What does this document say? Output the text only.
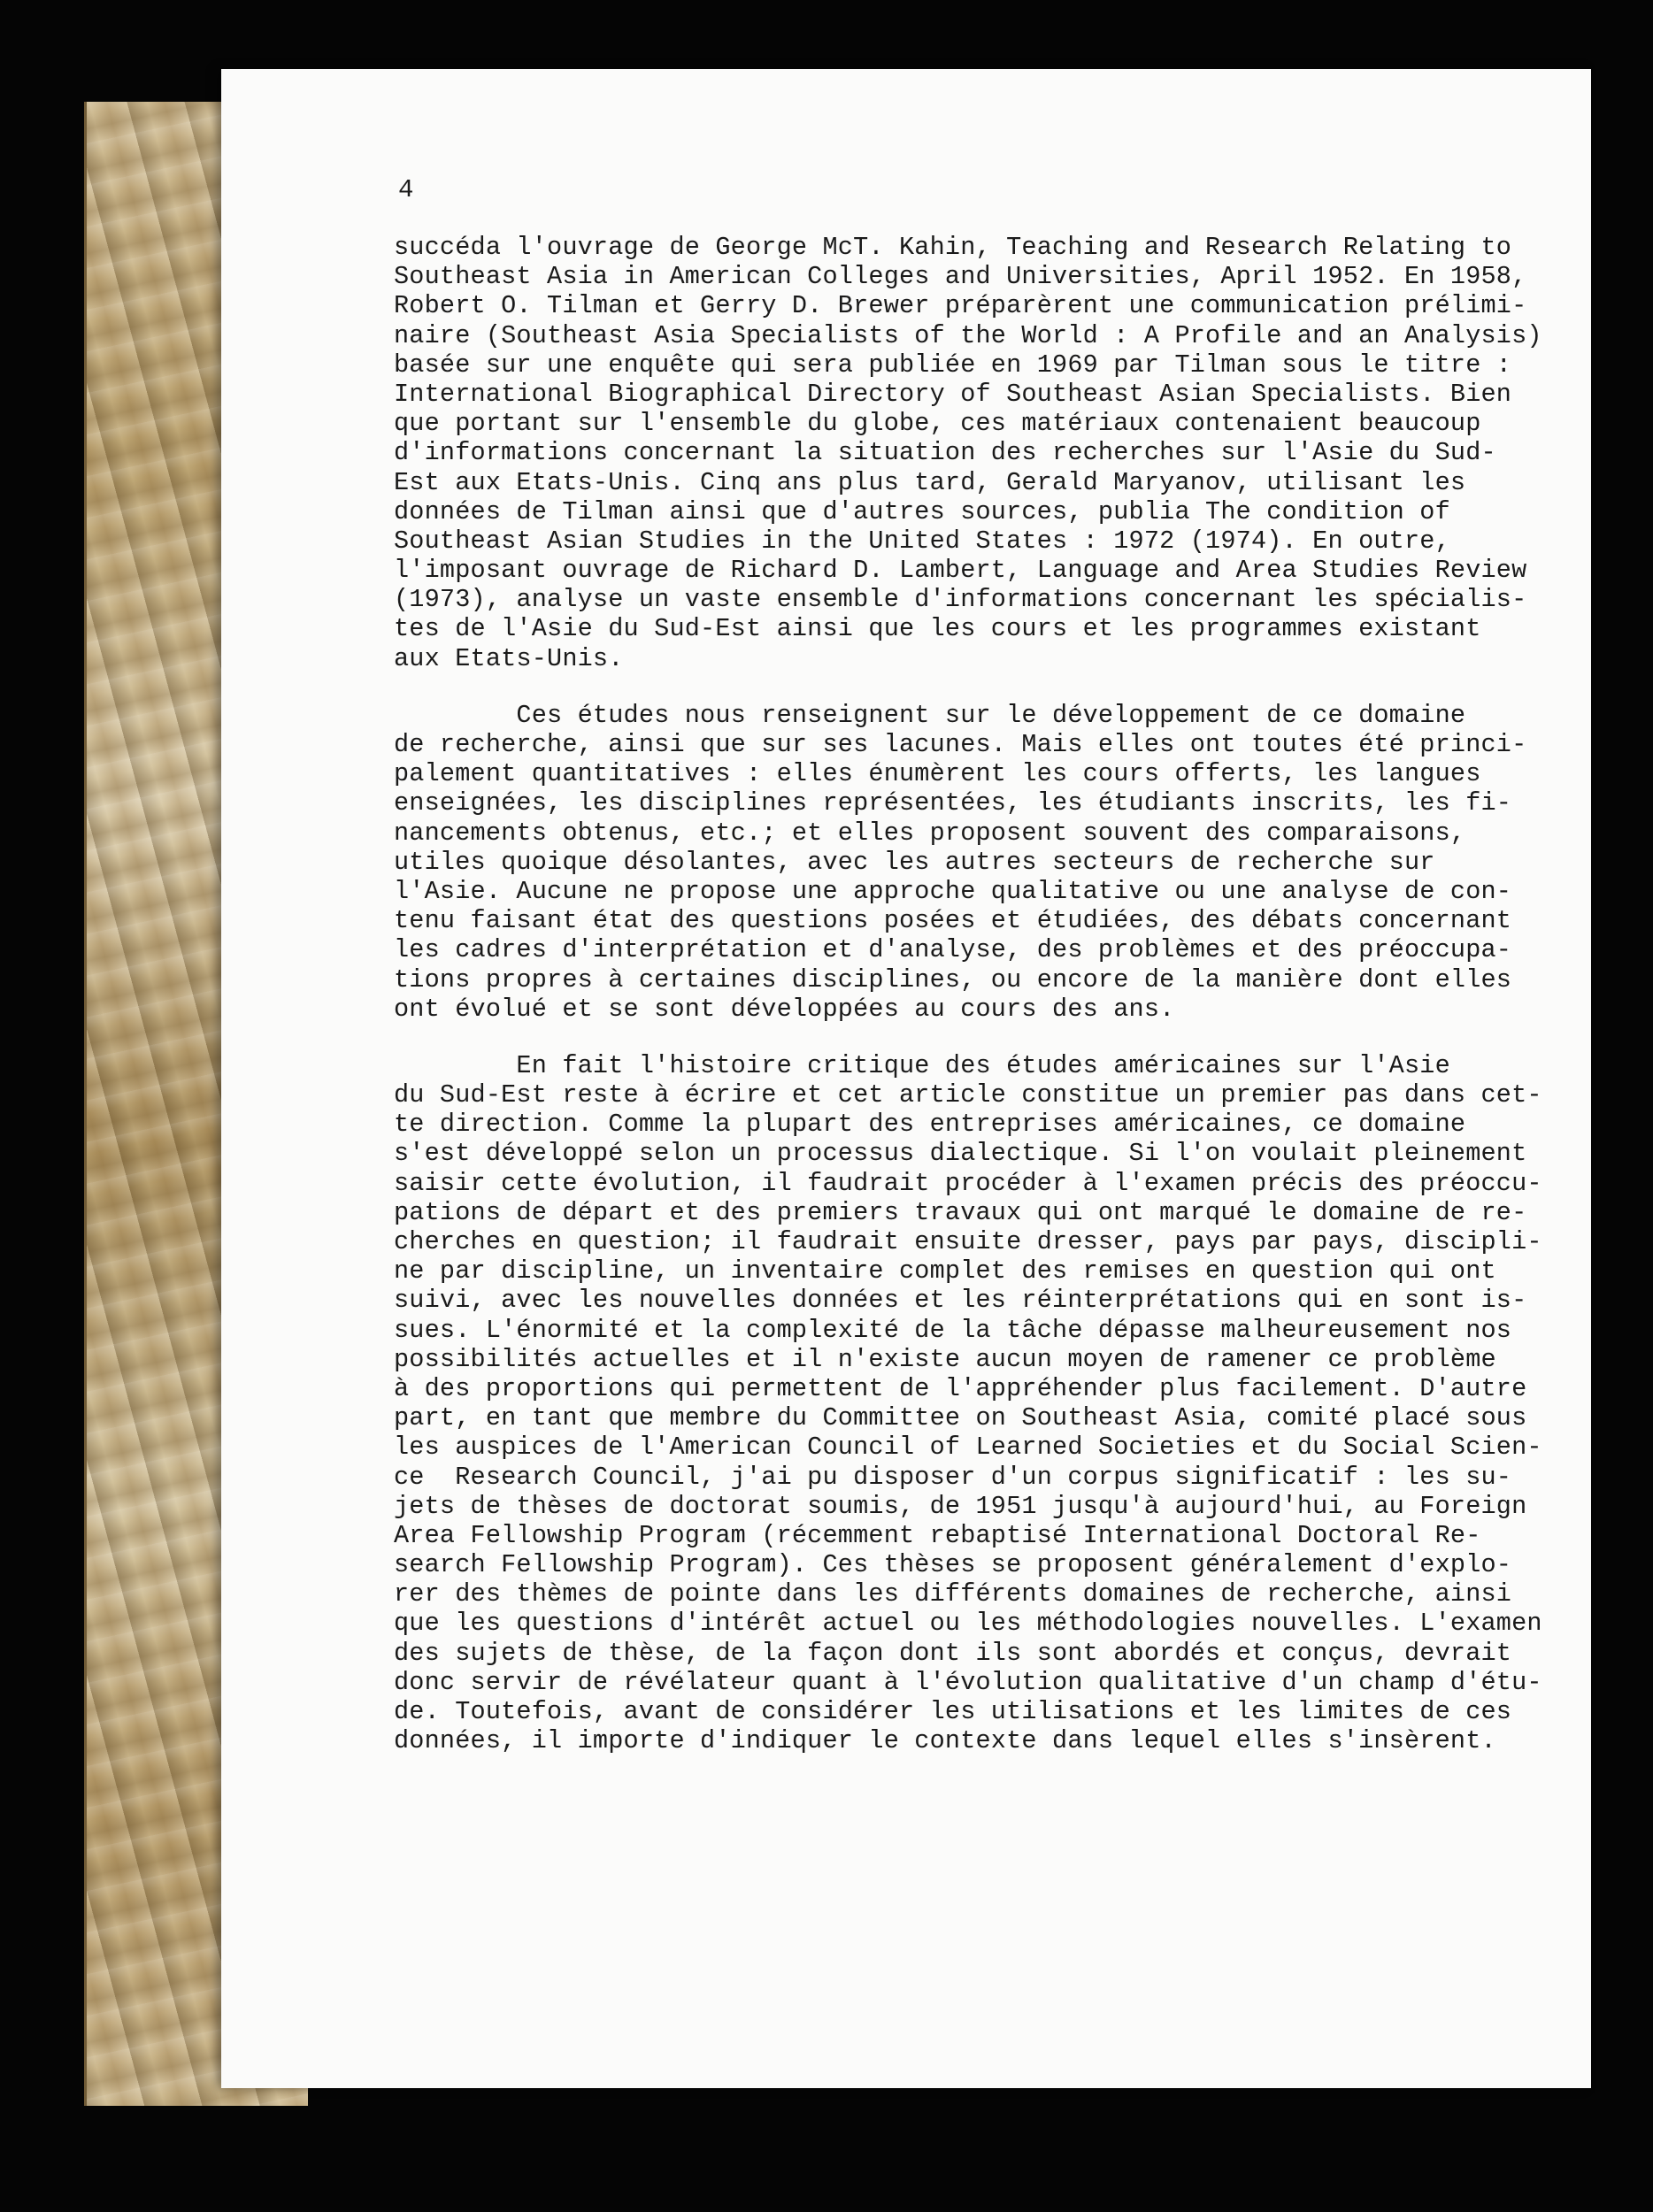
4
succéda l'ouvrage de George McT. Kahin, Teaching and Research Relating to
Southeast Asia in American Colleges and Universities, April 1952. En 1958,
Robert O. Tilman et Gerry D. Brewer préparèrent une communication prélimi-
naire (Southeast Asia Specialists of the World : A Profile and an Analysis)
basée sur une enquête qui sera publiée en 1969 par Tilman sous le titre :
International Biographical Directory of Southeast Asian Specialists. Bien
que portant sur l'ensemble du globe, ces matériaux contenaient beaucoup
d'informations concernant la situation des recherches sur l'Asie du Sud-
Est aux Etats-Unis. Cinq ans plus tard, Gerald Maryanov, utilisant les
données de Tilman ainsi que d'autres sources, publia The condition of
Southeast Asian Studies in the United States : 1972 (1974). En outre,
l'imposant ouvrage de Richard D. Lambert, Language and Area Studies Review
(1973), analyse un vaste ensemble d'informations concernant les spécialis-
tes de l'Asie du Sud-Est ainsi que les cours et les programmes existant
aux Etats-Unis.
Ces études nous renseignent sur le développement de ce domaine
de recherche, ainsi que sur ses lacunes. Mais elles ont toutes été princi-
palement quantitatives : elles énumèrent les cours offerts, les langues
enseignées, les disciplines représentées, les étudiants inscrits, les fi-
nancements obtenus, etc.; et elles proposent souvent des comparaisons,
utiles quoique désolantes, avec les autres secteurs de recherche sur
l'Asie. Aucune ne propose une approche qualitative ou une analyse de con-
tenu faisant état des questions posées et étudiées, des débats concernant
les cadres d'interprétation et d'analyse, des problèmes et des préoccupa-
tions propres à certaines disciplines, ou encore de la manière dont elles
ont évolué et se sont développées au cours des ans.
En fait l'histoire critique des études américaines sur l'Asie
du Sud-Est reste à écrire et cet article constitue un premier pas dans cet-
te direction. Comme la plupart des entreprises américaines, ce domaine
s'est développé selon un processus dialectique. Si l'on voulait pleinement
saisir cette évolution, il faudrait procéder à l'examen précis des préoccu-
pations de départ et des premiers travaux qui ont marqué le domaine de re-
cherches en question; il faudrait ensuite dresser, pays par pays, discipli-
ne par discipline, un inventaire complet des remises en question qui ont
suivi, avec les nouvelles données et les réinterprétations qui en sont is-
sues. L'énormité et la complexité de la tâche dépasse malheureusement nos
possibilités actuelles et il n'existe aucun moyen de ramener ce problème
à des proportions qui permettent de l'appréhender plus facilement. D'autre
part, en tant que membre du Committee on Southeast Asia, comité placé sous
les auspices de l'American Council of Learned Societies et du Social Scien-
ce  Research Council, j'ai pu disposer d'un corpus significatif : les su-
jets de thèses de doctorat soumis, de 1951 jusqu'à aujourd'hui, au Foreign
Area Fellowship Program (récemment rebaptisé International Doctoral Re-
search Fellowship Program). Ces thèses se proposent généralement d'explo-
rer des thèmes de pointe dans les différents domaines de recherche, ainsi
que les questions d'intérêt actuel ou les méthodologies nouvelles. L'examen
des sujets de thèse, de la façon dont ils sont abordés et conçus, devrait
donc servir de révélateur quant à l'évolution qualitative d'un champ d'étu-
de. Toutefois, avant de considérer les utilisations et les limites de ces
données, il importe d'indiquer le contexte dans lequel elles s'insèrent.
